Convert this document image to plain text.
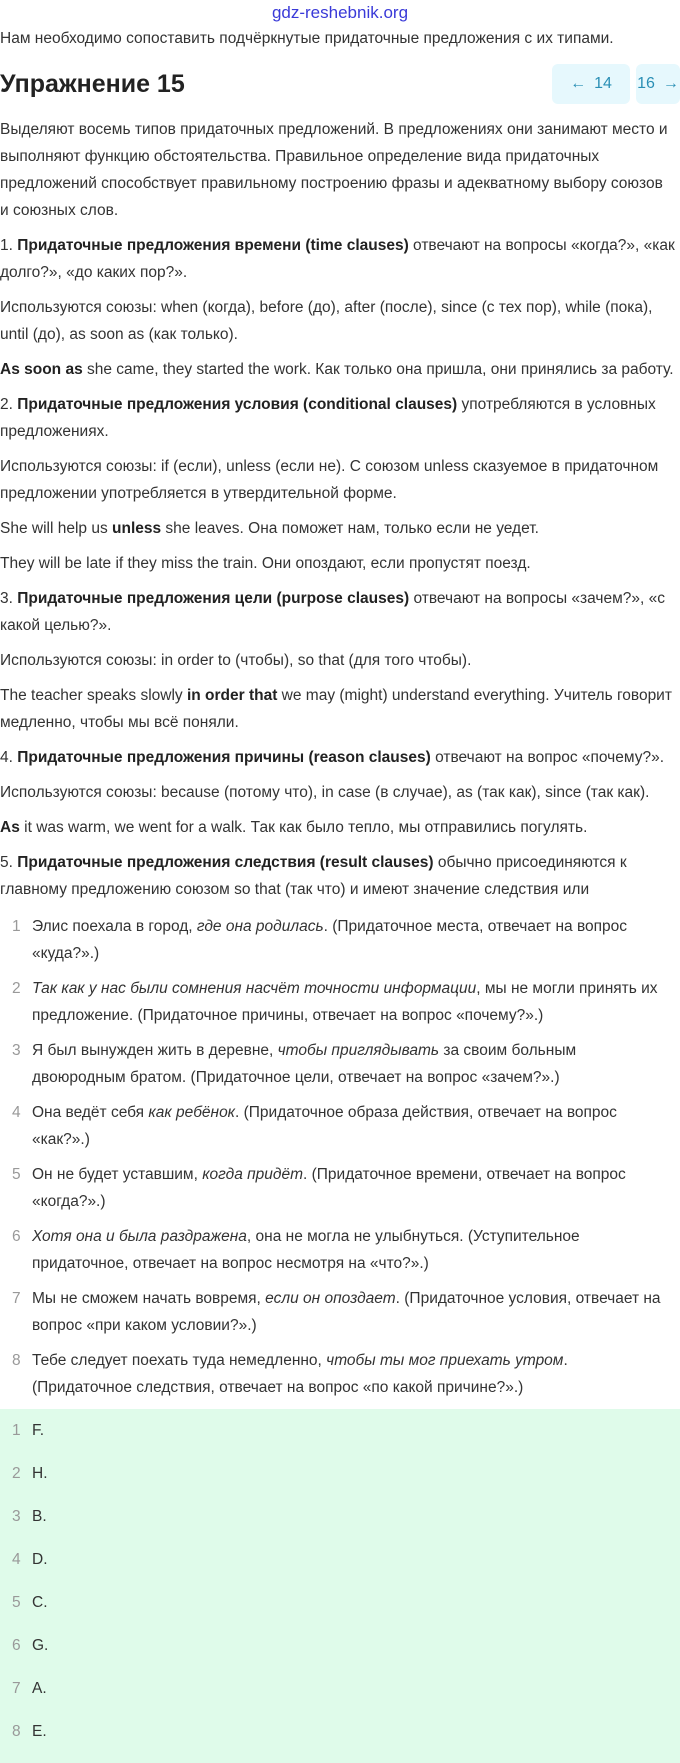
gdz-reshebnik.org
Нам необходимо сопоставить подчёркнутые придаточные предложения с их типами.
Упражнение 15	← 14 16 →

Выделяют восемь типов придаточных предложений. В предложениях они занимают место и выполняют функцию обстоятельства. Правильное определение вида придаточных предложений способствует правильному построению фразы и адекватному выбору союзов и союзных слов.

1. Придаточные предложения времени (time clauses) отвечают на вопросы «когда?», «как долго?», «до каких пор?».

Используются союзы: when (когда), before (до), after (после), since (с тех пор), while (пока), until (до), as soon as (как только).

As soon as she came, they started the work. Как только она пришла, они принялись за работу.

2. Придаточные предложения условия (conditional clauses) употребляются в условных предложениях.

Используются союзы: if (если), unless (если не). С союзом unless сказуемое в придаточном предложении употребляется в утвердительной форме.

She will help us unless she leaves. Она поможет нам, только если не уедет.

They will be late if they miss the train. Они опоздают, если пропустят поезд.

3. Придаточные предложения цели (purpose clauses) отвечают на вопросы «зачем?», «с какой целью?».

Используются союзы: in order to (чтобы), so that (для того чтобы).

The teacher speaks slowly in order that we may (might) understand everything. Учитель говорит медленно, чтобы мы всё поняли.

4. Придаточные предложения причины (reason clauses) отвечают на вопрос «почему?».

Используются союзы: because (потому что), in case (в случае), as (так как), since (так как).

As it was warm, we went for a walk. Так как было тепло, мы отправились погулять.

5. Придаточные предложения следствия (result clauses) обычно присоединяются к главному предложению союзом so that (так что) и имеют значение следствия или

1 Элис поехала в город, где она родилась. (Придаточное места, отвечает на вопрос «куда?».)
2 Так как у нас были сомнения насчёт точности информации, мы не могли принять их предложение. (Придаточное причины, отвечает на вопрос «почему?».)
3 Я был вынужден жить в деревне, чтобы приглядывать за своим больным двоюродным братом. (Придаточное цели, отвечает на вопрос «зачем?».)
4 Она ведёт себя как ребёнок. (Придаточное образа действия, отвечает на вопрос «как?».)
5 Он не будет уставшим, когда придёт. (Придаточное времени, отвечает на вопрос «когда?».)
6 Хотя она и была раздражена, она не могла не улыбнуться. (Уступительное придаточное, отвечает на вопрос несмотря на «что?».)
7 Мы не сможем начать вовремя, если он опоздает. (Придаточное условия, отвечает на вопрос «при каком условии?».)
8 Тебе следует поехать туда немедленно, чтобы ты мог приехать утром. (Придаточное следствия, отвечает на вопрос «по какой причине?».)
1 F.
2 H.
3 B.
4 D.
5 C.
6 G.
7 A.
8 E.
